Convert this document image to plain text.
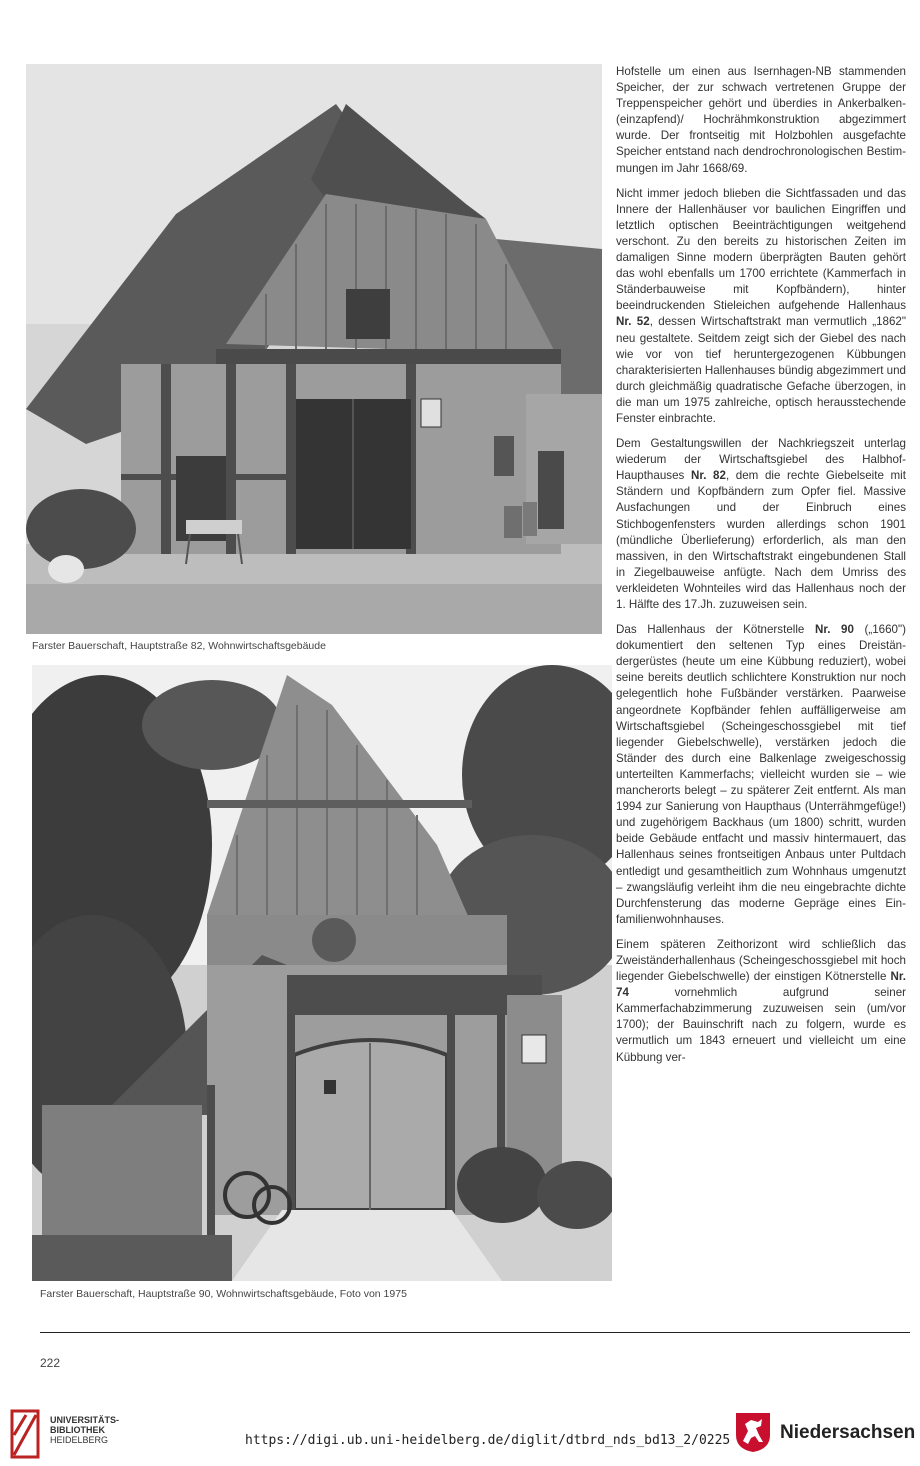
Farster Bauerschaft, Hauptstraße 82, Wohnwirtschaftsgebäude
Farster Bauerschaft, Hauptstraße 90, Wohnwirtschaftsgebäude, Foto von 1975

Hofstelle um einen aus Isernhagen-NB stammenden Speicher, der zur schwach vertretenen Gruppe der Treppenspeicher gehört und überdies in Ankerbalken- (einzapfend)/ Hochrähmkonstruktion abgezimmert wurde. Der frontseitig mit Holzbohlen ausgefachte Speicher entstand nach dendrochronologischen Bestimmungen im Jahr 1668/69.

Nicht immer jedoch blieben die Sichtfassaden und das Innere der Hallenhäuser vor baulichen Eingriffen und letztlich optischen Beeinträchtigungen weitgehend verschont. Zu den bereits zu historischen Zeiten im damaligen Sinne modern überprägten Bauten gehört das wohl ebenfalls um 1700 errichtete (Kammerfach in Ständerbauweise mit Kopfbändern), hinter beeindruckenden Stieleichen aufgehende Hallenhaus Nr. 52, dessen Wirtschaftstrakt man vermutlich „1862" neu gestaltete. Seitdem zeigt sich der Giebel des nach wie vor von tief heruntergezogenen Kübbungen charakterisierten Hallenhauses bündig abgezimmert und durch gleichmäßig quadratische Gefache überzogen, in die man um 1975 zahlreiche, optisch herausstechende Fenster einbrachte.

Dem Gestaltungswillen der Nachkriegszeit unterlag wiederum der Wirtschaftsgiebel des Halbhof-Haupthauses Nr. 82, dem die rechte Giebelseite mit Ständern und Kopfbändern zum Opfer fiel. Massive Ausfachungen und der Einbruch eines Stichbogenfensters wurden allerdings schon 1901 (mündliche Überlieferung) erforderlich, als man den massiven, in den Wirtschaftstrakt eingebundenen Stall in Ziegelbauweise anfügte. Nach dem Umriss des verkleideten Wohnteiles wird das Hallenhaus noch der 1. Hälfte des 17.Jh. zuzuweisen sein.

Das Hallenhaus der Kötnerstelle Nr. 90 („1660") dokumentiert den seltenen Typ eines Dreiständergerüstes (heute um eine Kübbung reduziert), wobei seine bereits deutlich schlichtere Konstruktion nur noch gelegentlich hohe Fußbänder verstärken. Paarweise angeordnete Kopfbänder fehlen auffälligerweise am Wirtschaftsgiebel (Scheingeschossgiebel mit tief liegender Giebelschwelle), verstärken jedoch die Ständer des durch eine Balkenlage zweigeschossig unterteilten Kammerfachs; vielleicht wurden sie – wie mancherorts belegt – zu späterer Zeit entfernt. Als man 1994 zur Sanierung von Haupthaus (Unterrähmgefüge!) und zugehörigem Backhaus (um 1800) schritt, wurden beide Gebäude entfacht und massiv hintermauert, das Hallenhaus seines frontseitigen Anbaus unter Pultdach entledigt und gesamtheitlich zum Wohnhaus umgenutzt – zwangsläufig verleiht ihm die neu eingebrachte dichte Durchfensterung das moderne Gepräge eines Einfamilienwohnhauses.

Einem späteren Zeithorizont wird schließlich das Zweiständerhallenhaus (Scheingeschossgiebel mit hoch liegender Giebelschwelle) der einstigen Kötnerstelle Nr. 74 vornehmlich aufgrund seiner Kammerfachabzimmerung zuzuweisen sein (um/vor 1700); der Bauinschrift nach zu folgern, wurde es vermutlich um 1843 erneuert und vielleicht um eine Kübbung ver-

222
UNIVERSITÄTS-
BIBLIOTHEK
HEIDELBERG	https://digi.ub.uni-heidelberg.de/diglit/dtbrd_nds_bd13_2/0225	Niedersachsen
